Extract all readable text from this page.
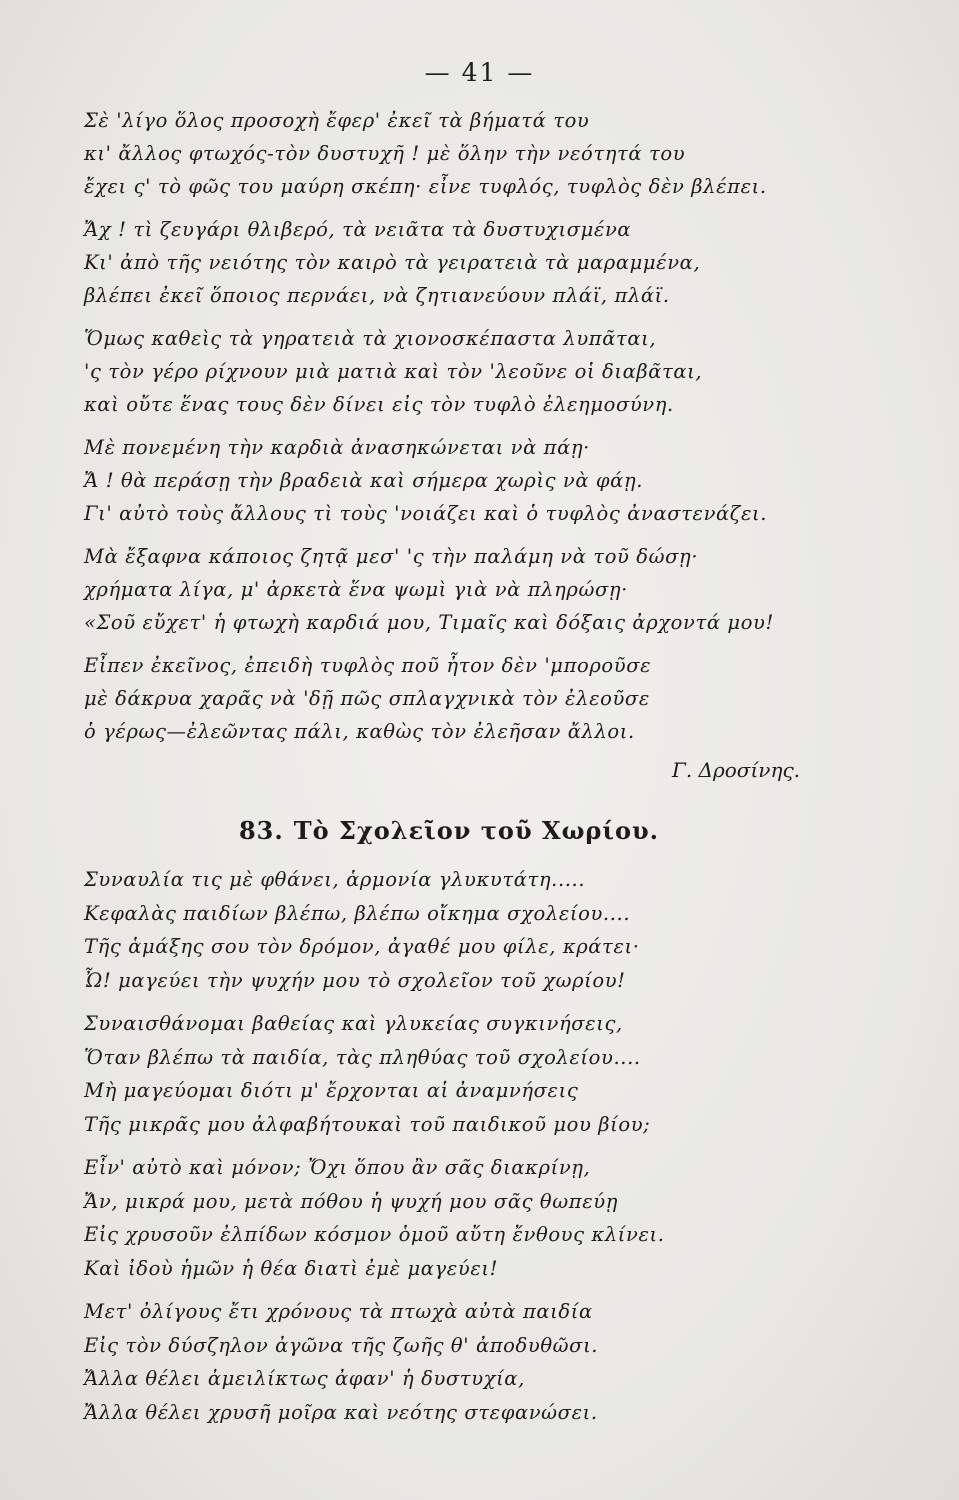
— 41 —
Σὲ 'λίγο ὅλος προσοχὴ ἔφερ' ἐκεῖ τὰ βήματά του
κι' ἄλλος φτωχός-τὸν δυστυχῆ ! μὲ ὅλην τὴν νεότητά του
ἔχει ς' τὸ φῶς του μαύρη σκέπη· εἶνε τυφλός, τυφλὸς δὲν βλέπει.
Ἄχ ! τὶ ζευγάρι θλιβερό, τὰ νειᾶτα τὰ δυστυχισμένα
Κι' ἀπὸ τῆς νειότης τὸν καιρὸ τὰ γειρατειὰ τὰ μαραμμένα,
βλέπει ἐκεῖ ὅποιος περνάει, νὰ ζητιανεύουν πλάϊ, πλάϊ.
Ὅμως καθεὶς τὰ γηρατειὰ τὰ χιονοσκέπαστα λυπᾶται,
'ς τὸν γέρο ρίχνουν μιὰ ματιὰ καὶ τὸν 'λεοῦνε οἱ διαβᾶται,
καὶ οὔτε ἕνας τους δὲν δίνει εἰς τὸν τυφλὸ ἐλεημοσύνη.
Μὲ πονεμένη τὴν καρδιὰ ἀνασηκώνεται νὰ πάῃ·
Ἄ ! θὰ περάσῃ τὴν βραδειὰ καὶ σήμερα χωρὶς νὰ φάῃ.
Γι' αὐτὸ τοὺς ἄλλους τὶ τοὺς 'νοιάζει καὶ ὁ τυφλὸς ἀναστενάζει.
Μὰ ἔξαφνα κάποιος ζητᾷ μεσ' 'ς τὴν παλάμη νὰ τοῦ δώσῃ·
χρήματα λίγα, μ' ἀρκετὰ ἕνα ψωμὶ γιὰ νὰ πληρώσῃ·
«Σοῦ εὔχετ' ἡ φτωχὴ καρδιά μου, Τιμαῖς καὶ δόξαις ἀρχοντά μου!
Εἶπεν ἐκεῖνος, ἐπειδὴ τυφλὸς ποῦ ἦτον δὲν 'μποροῦσε
μὲ δάκρυα χαρᾶς νὰ 'δῇ πῶς σπλαγχνικὰ τὸν ἐλεοῦσε
ὁ γέρως—ἐλεῶντας πάλι, καθὼς τὸν ἐλεῆσαν ἄλλοι.
Γ. Δροσίνης.
83. Τὸ Σχολεῖον τοῦ Χωρίου.
Συναυλία τις μὲ φθάνει, ἁρμονία γλυκυτάτη.....
Κεφαλὰς παιδίων βλέπω, βλέπω οἴκημα σχολείου....
Τῆς ἁμάξης σου τὸν δρόμον, ἀγαθέ μου φίλε, κράτει·
Ὦ! μαγεύει τὴν ψυχήν μου τὸ σχολεῖον τοῦ χωρίου!
Συναισθάνομαι βαθείας καὶ γλυκείας συγκινήσεις,
Ὅταν βλέπω τὰ παιδία, τὰς πληθύας τοῦ σχολείου....
Μὴ μαγεύομαι διότι μ' ἔρχονται αἱ ἀναμνήσεις
Τῆς μικρᾶς μου ἀλφαβήτουκαὶ τοῦ παιδικοῦ μου βίου;
Εἶν' αὐτὸ καὶ μόνον; Ὄχι ὅπου ἂν σᾶς διακρίνῃ,
Ἄν, μικρά μου, μετὰ πόθου ἡ ψυχή μου σᾶς θωπεύῃ
Εἰς χρυσοῦν ἐλπίδων κόσμον ὁμοῦ αὔτη ἔνθους κλίνει.
Καὶ ἰδοὺ ἡμῶν ἡ θέα διατὶ ἐμὲ μαγεύει!
Μετ' ὀλίγους ἔτι χρόνους τὰ πτωχὰ αὐτὰ παιδία
Εἰς τὸν δύσζηλον ἀγῶνα τῆς ζωῆς θ' ἀποδυθῶσι.
Ἄλλα θέλει ἀμειλίκτως ἀφαν' ἡ δυστυχία,
Ἄλλα θέλει χρυσῆ μοῖρα καὶ νεότης στεφανώσει.
